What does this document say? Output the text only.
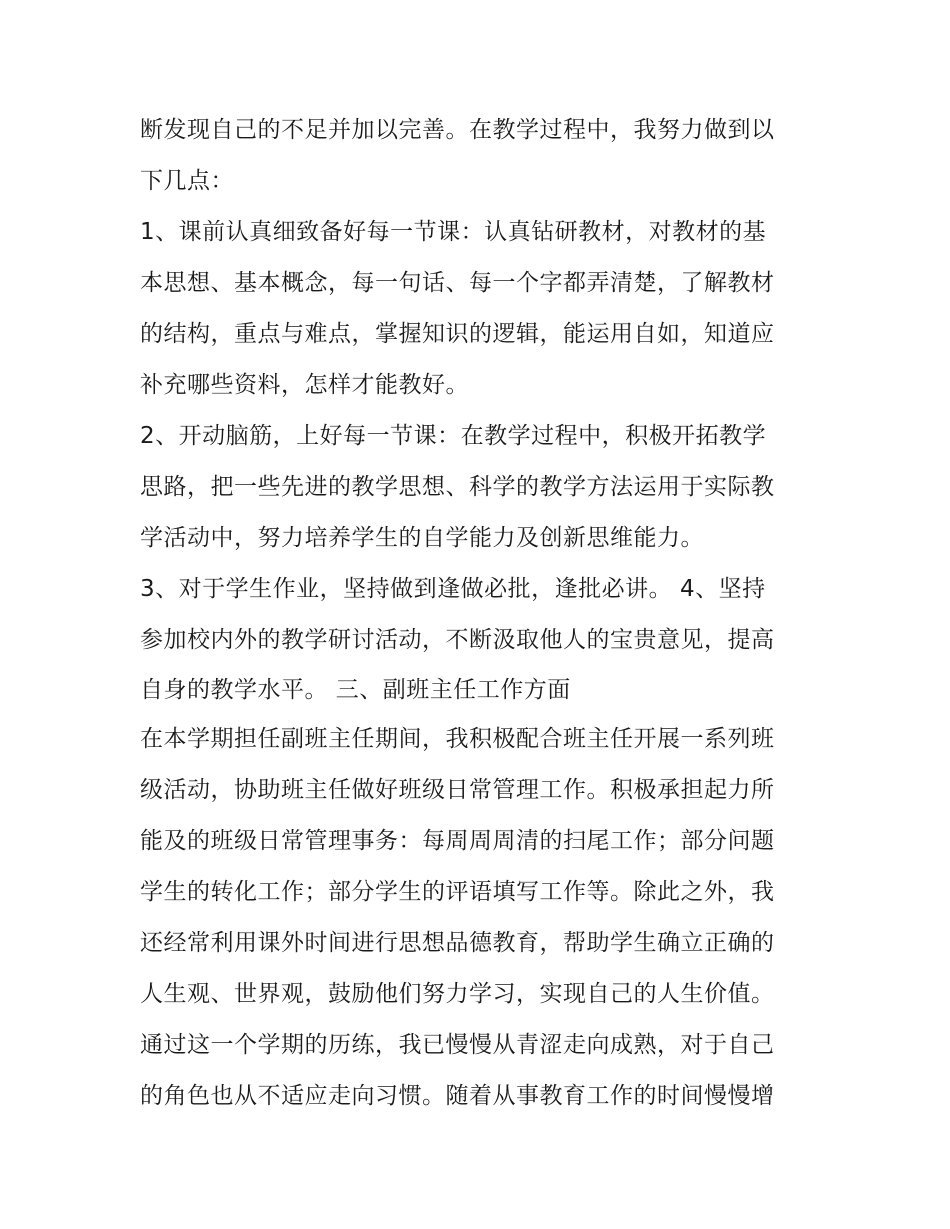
断发现自己的不足并加以完善。在教学过程中，我努力做到以
下几点：
1、课前认真细致备好每一节课：认真钻研教材，对教材的基
本思想、基本概念，每一句话、每一个字都弄清楚，了解教材
的结构，重点与难点，掌握知识的逻辑，能运用自如，知道应
补充哪些资料，怎样才能教好。
2、开动脑筋，上好每一节课：在教学过程中，积极开拓教学
思路，把一些先进的教学思想、科学的教学方法运用于实际教
学活动中，努力培养学生的自学能力及创新思维能力。
3、对于学生作业，坚持做到逢做必批，逢批必讲。 4、坚持
参加校内外的教学研讨活动，不断汲取他人的宝贵意见，提高
自身的教学水平。 三、副班主任工作方面
在本学期担任副班主任期间，我积极配合班主任开展一系列班
级活动，协助班主任做好班级日常管理工作。积极承担起力所
能及的班级日常管理事务：每周周周清的扫尾工作；部分问题
学生的转化工作；部分学生的评语填写工作等。除此之外，我
还经常利用课外时间进行思想品德教育，帮助学生确立正确的
人生观、世界观，鼓励他们努力学习，实现自己的人生价值。
通过这一个学期的历练，我已慢慢从青涩走向成熟，对于自己
的角色也从不适应走向习惯。随着从事教育工作的时间慢慢增
